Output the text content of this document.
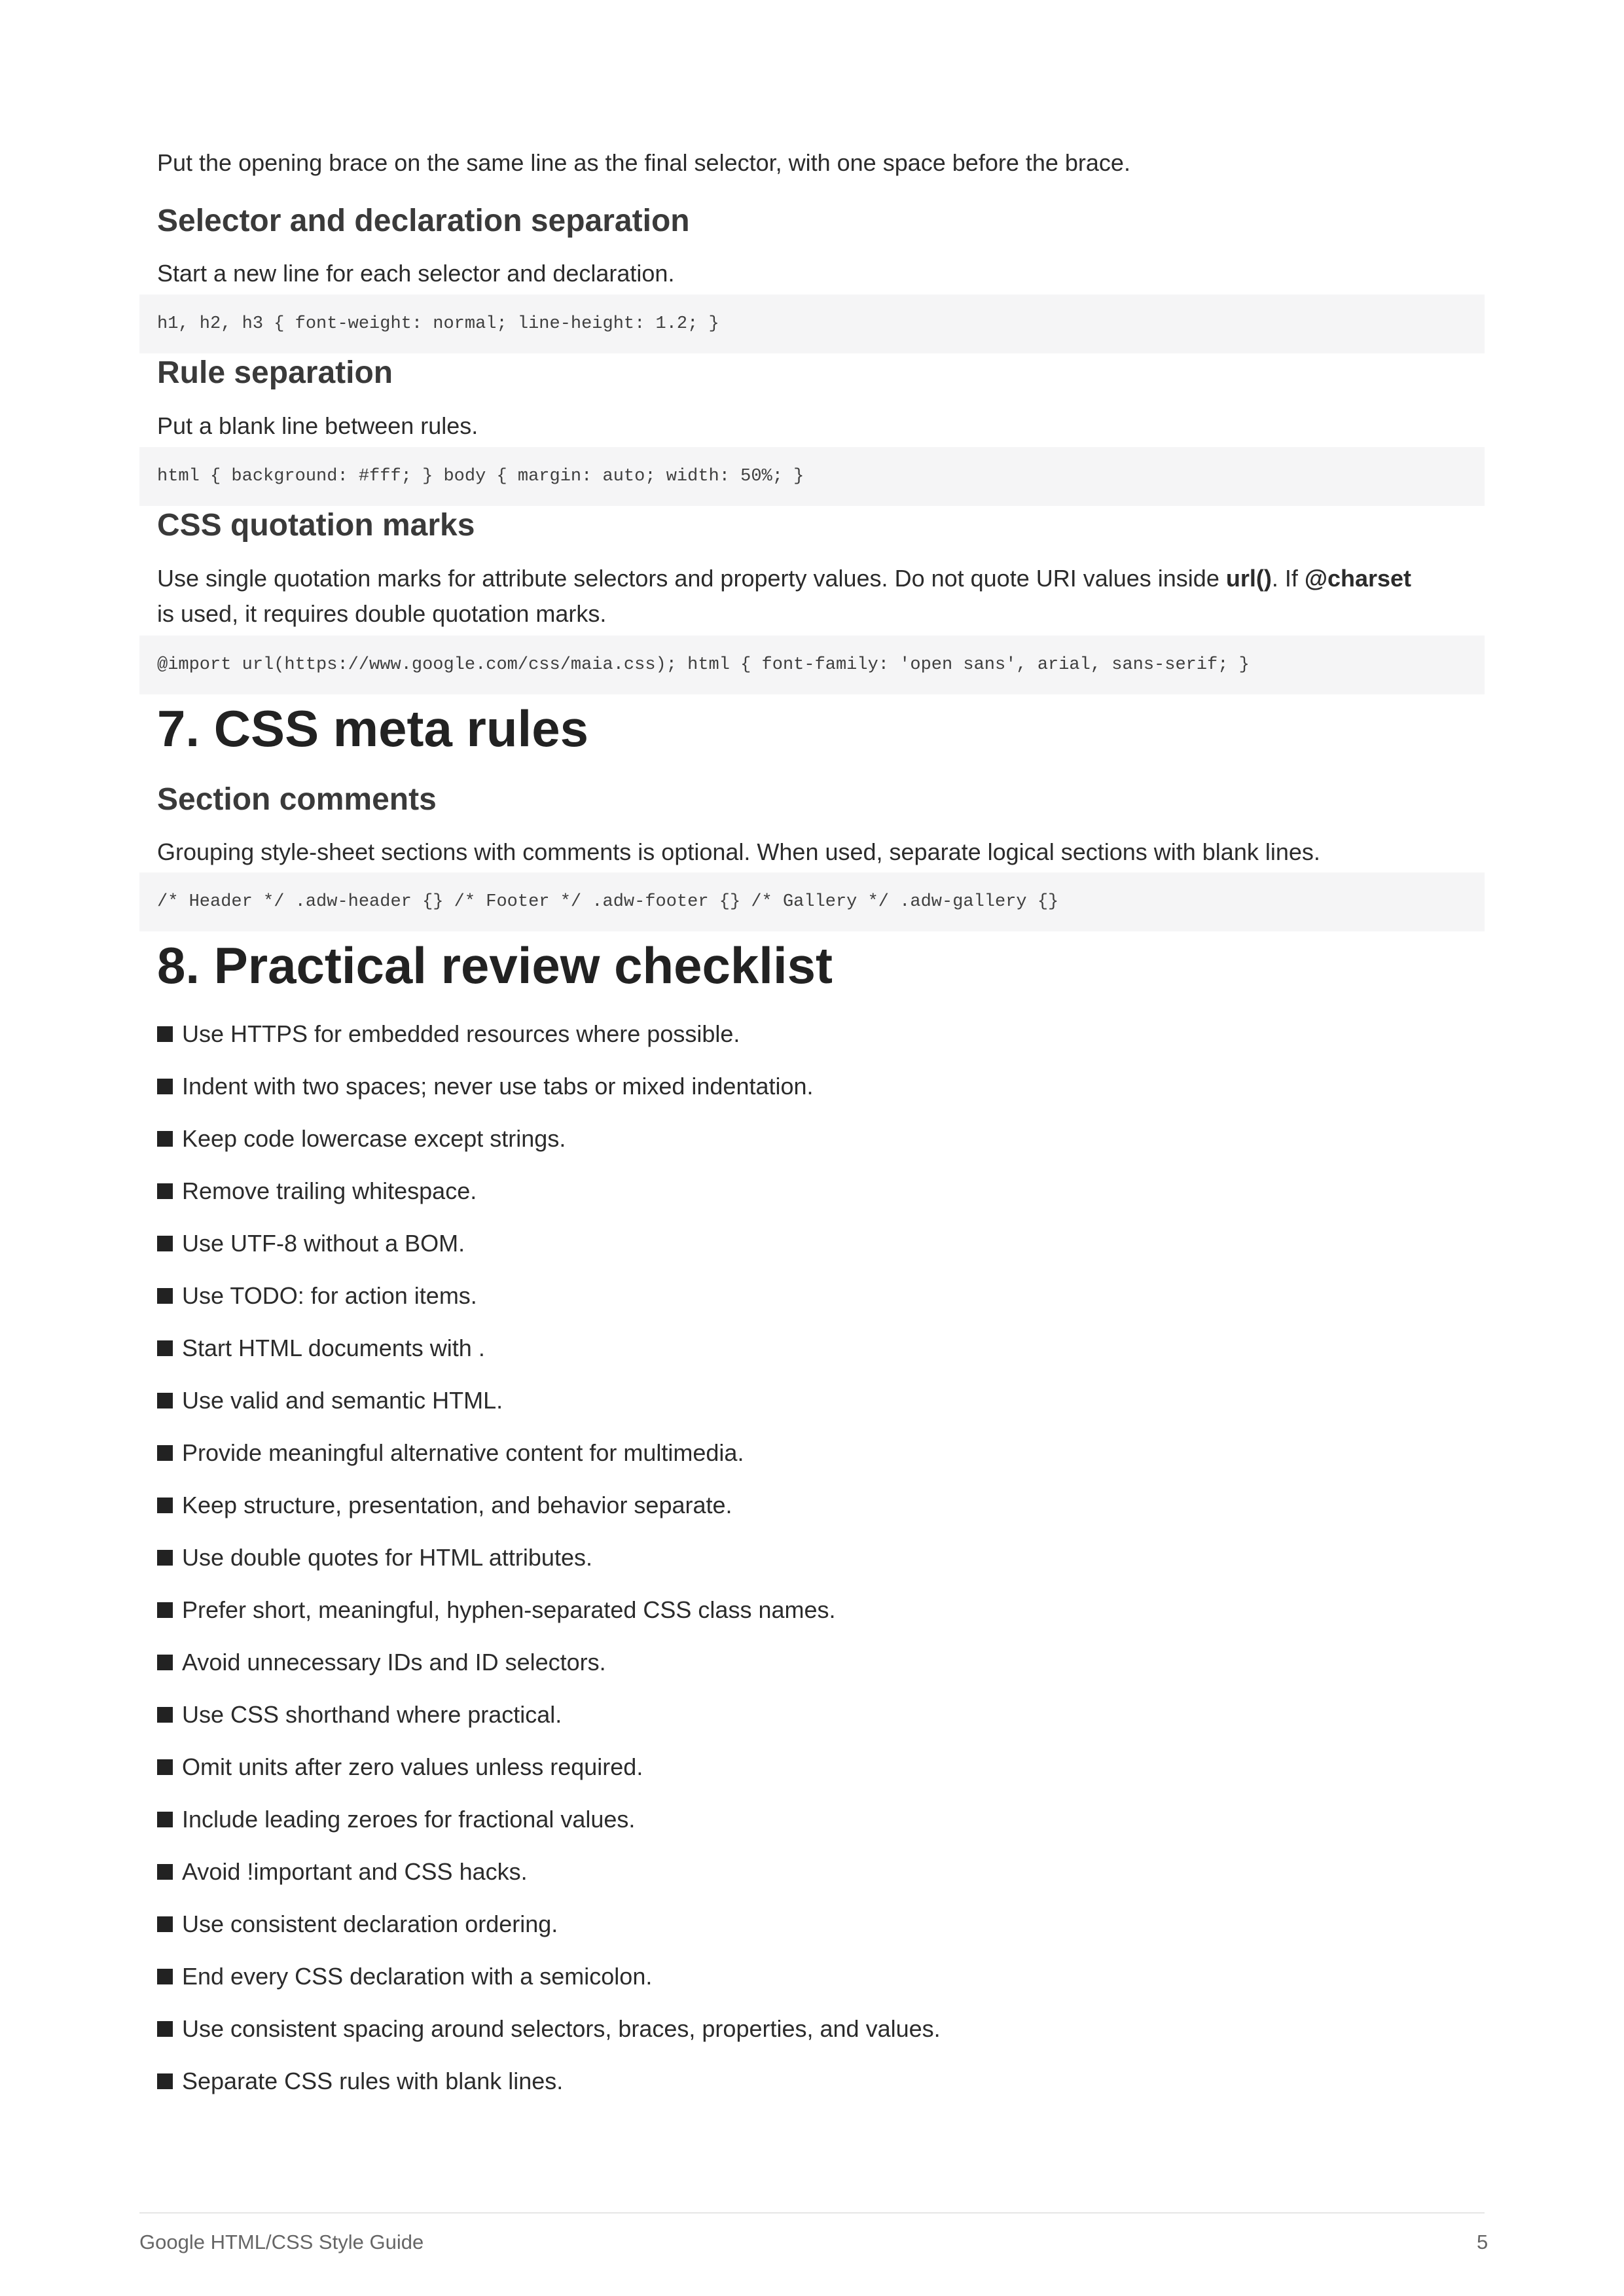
Put the opening brace on the same line as the final selector, with one space before the brace.

Selector and declaration separation

Start a new line for each selector and declaration.

h1, h2, h3 { font-weight: normal; line-height: 1.2; }
Rule separation

Put a blank line between rules.

html { background: #fff; } body { margin: auto; width: 50%; }
CSS quotation marks

Use single quotation marks for attribute selectors and property values. Do not quote URI values inside url(). If @charset
is used, it requires double quotation marks.

@import url(https://www.google.com/css/maia.css); html { font-family: 'open sans', arial, sans-serif; }
7. CSS meta rules
Section comments

Grouping style-sheet sections with comments is optional. When used, separate logical sections with blank lines.

/* Header */ .adw-header {} /* Footer */ .adw-footer {} /* Gallery */ .adw-gallery {}
8. Practical review checklist
Use HTTPS for embedded resources where possible.
Indent with two spaces; never use tabs or mixed indentation.
Keep code lowercase except strings.
Remove trailing whitespace.
Use UTF-8 without a BOM.
Use TODO: for action items.
Start HTML documents with .
Use valid and semantic HTML.
Provide meaningful alternative content for multimedia.
Keep structure, presentation, and behavior separate.
Use double quotes for HTML attributes.
Prefer short, meaningful, hyphen-separated CSS class names.
Avoid unnecessary IDs and ID selectors.
Use CSS shorthand where practical.
Omit units after zero values unless required.
Include leading zeroes for fractional values.
Avoid !important and CSS hacks.
Use consistent declaration ordering.
End every CSS declaration with a semicolon.
Use consistent spacing around selectors, braces, properties, and values.
Separate CSS rules with blank lines.
Google HTML/CSS Style Guide	5
